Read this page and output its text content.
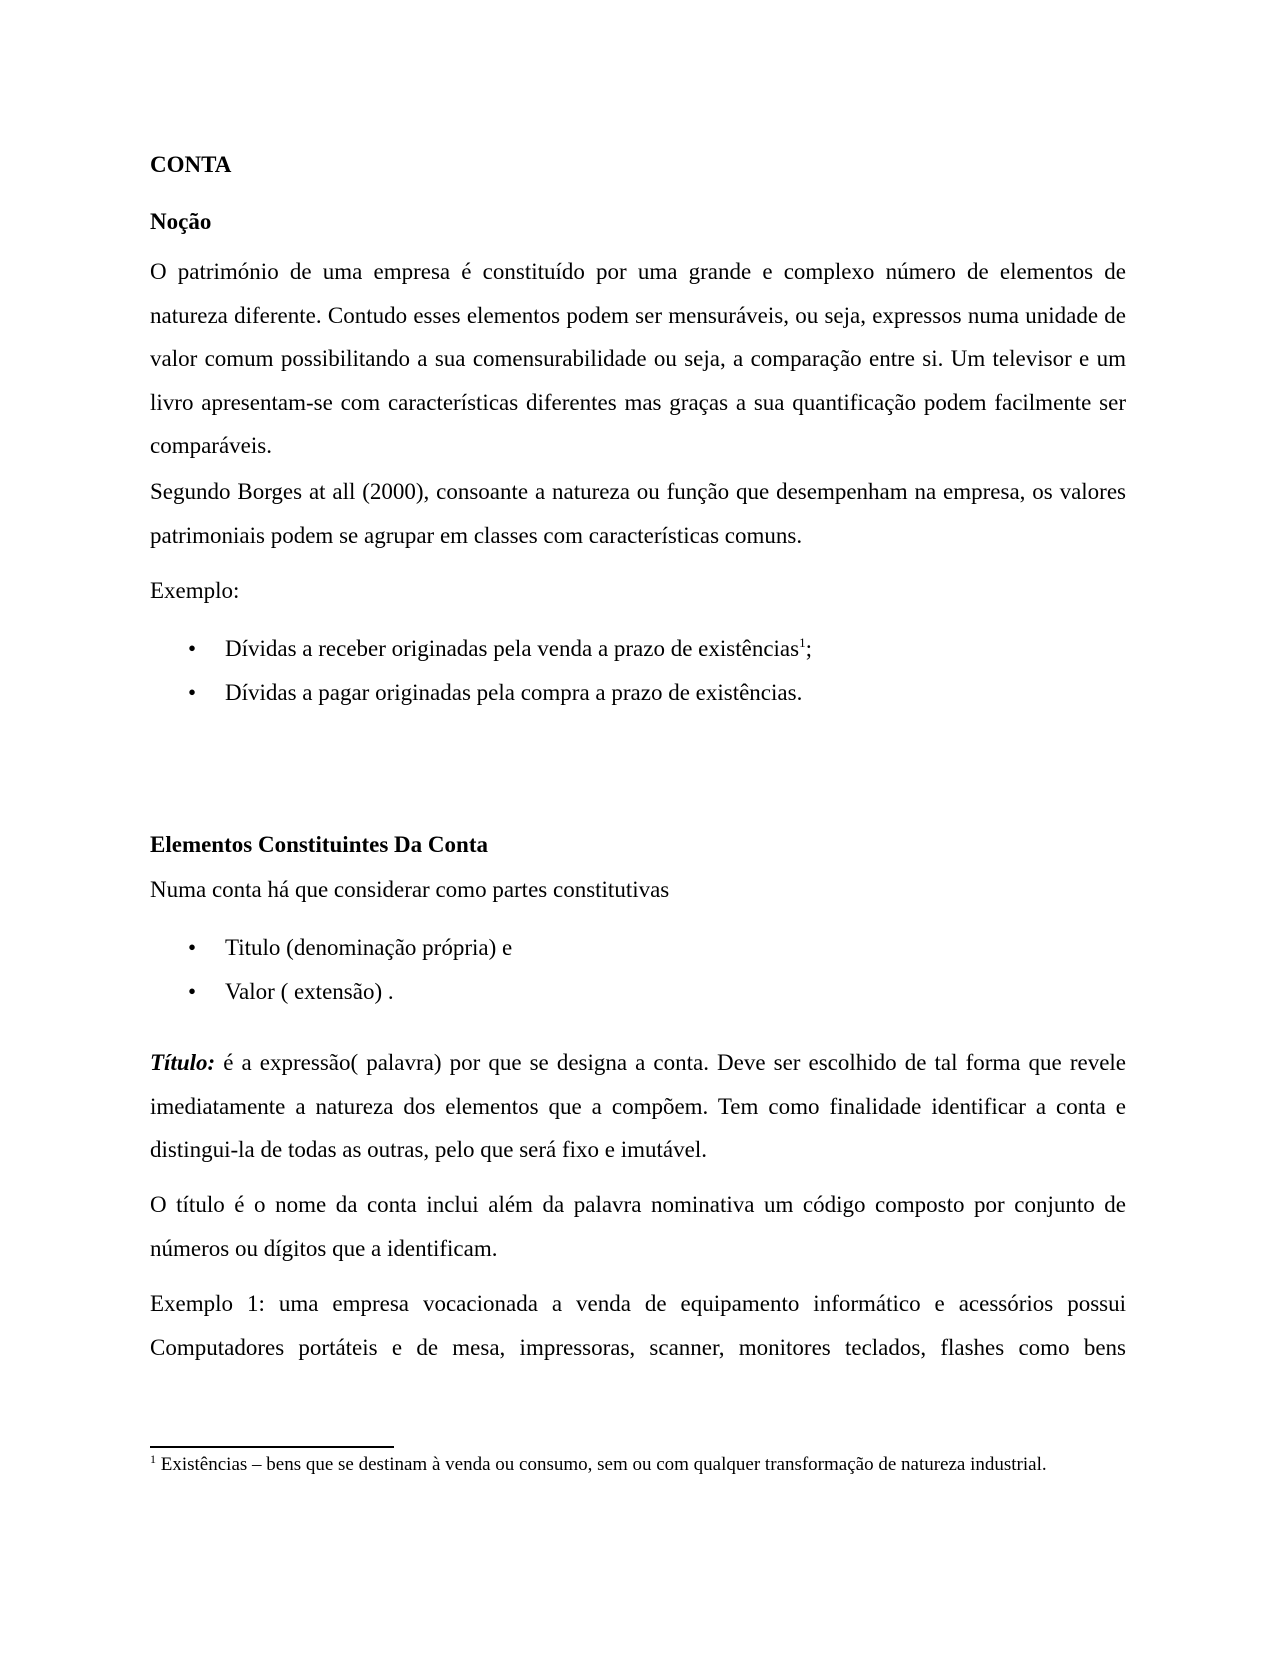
CONTA
Noção

O património de uma empresa é constituído por uma grande e complexo número de elementos de natureza diferente. Contudo esses elementos podem ser mensuráveis, ou seja, expressos numa unidade de valor comum possibilitando a sua comensurabilidade ou seja, a comparação entre si. Um televisor e um livro apresentam-se com características diferentes mas graças a sua quantificação podem facilmente ser comparáveis.

Segundo Borges at all (2000), consoante a natureza ou função que desempenham na empresa, os valores patrimoniais podem se agrupar em classes com características comuns.

Exemplo:

• Dívidas a receber originadas pela venda a prazo de existências$^1$;
• Dívidas a pagar originadas pela compra a prazo de existências.
Elementos Constituintes Da Conta

Numa conta há que considerar como partes constitutivas

• Titulo (denominação própria) e
• Valor ( extensão) .

Título: é a expressão( palavra) por que se designa a conta. Deve ser escolhido de tal forma que revele imediatamente a natureza dos elementos que a compõem. Tem como finalidade identificar a conta e distingui-la de todas as outras, pelo que será fixo e imutável.

O título é o nome da conta inclui além da palavra nominativa um código composto por conjunto de números ou dígitos que a identificam.

Exemplo 1: uma empresa vocacionada a venda de equipamento informático e acessórios possui Computadores portáteis e de mesa, impressoras, scanner, monitores teclados, flashes como bens

$^1$ Existências – bens que se destinam à venda ou consumo, sem ou com qualquer transformação de natureza industrial.
